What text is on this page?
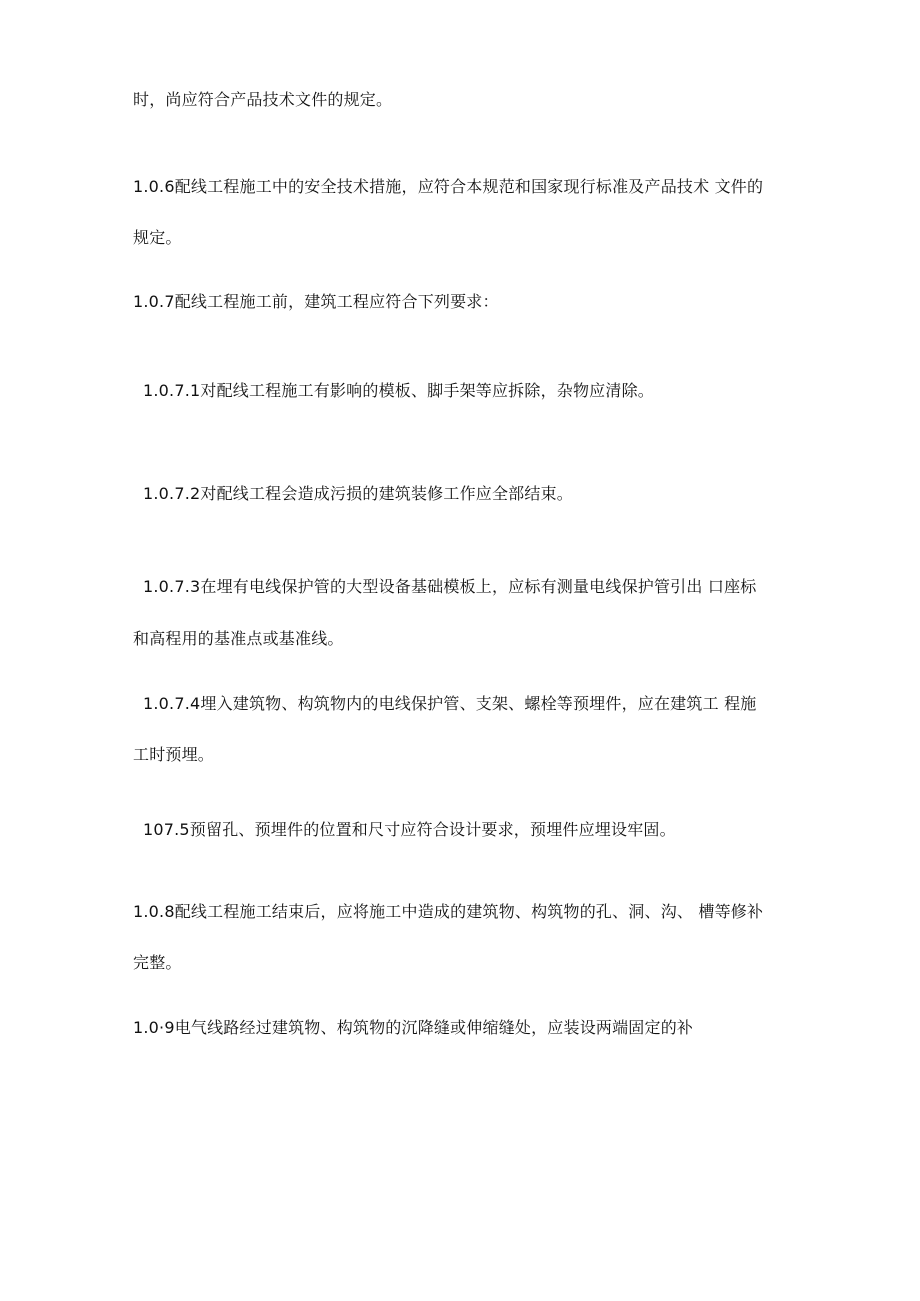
时，尚应符合产品技术文件的规定。
1.0.6配线工程施工中的安全技术措施，应符合本规范和国家现行标准及产品技术 文件的
规定。
1.0.7配线工程施工前，建筑工程应符合下列要求：
1.0.7.1对配线工程施工有影响的模板、脚手架等应拆除，杂物应清除。
1.0.7.2对配线工程会造成污损的建筑装修工作应全部结束。
1.0.7.3在埋有电线保护管的大型设备基础模板上，应标有测量电线保护管引出 口座标
和高程用的基准点或基准线。
1.0.7.4埋入建筑物、构筑物内的电线保护管、支架、螺栓等预埋件，应在建筑工 程施
工时预埋。
107.5预留孔、预埋件的位置和尺寸应符合设计要求，预埋件应埋设牢固。
1.0.8配线工程施工结束后，应将施工中造成的建筑物、构筑物的孔、洞、沟、 槽等修补
完整。
1.0·9电气线路经过建筑物、构筑物的沉降缝或伸缩缝处，应装设两端固定的补
